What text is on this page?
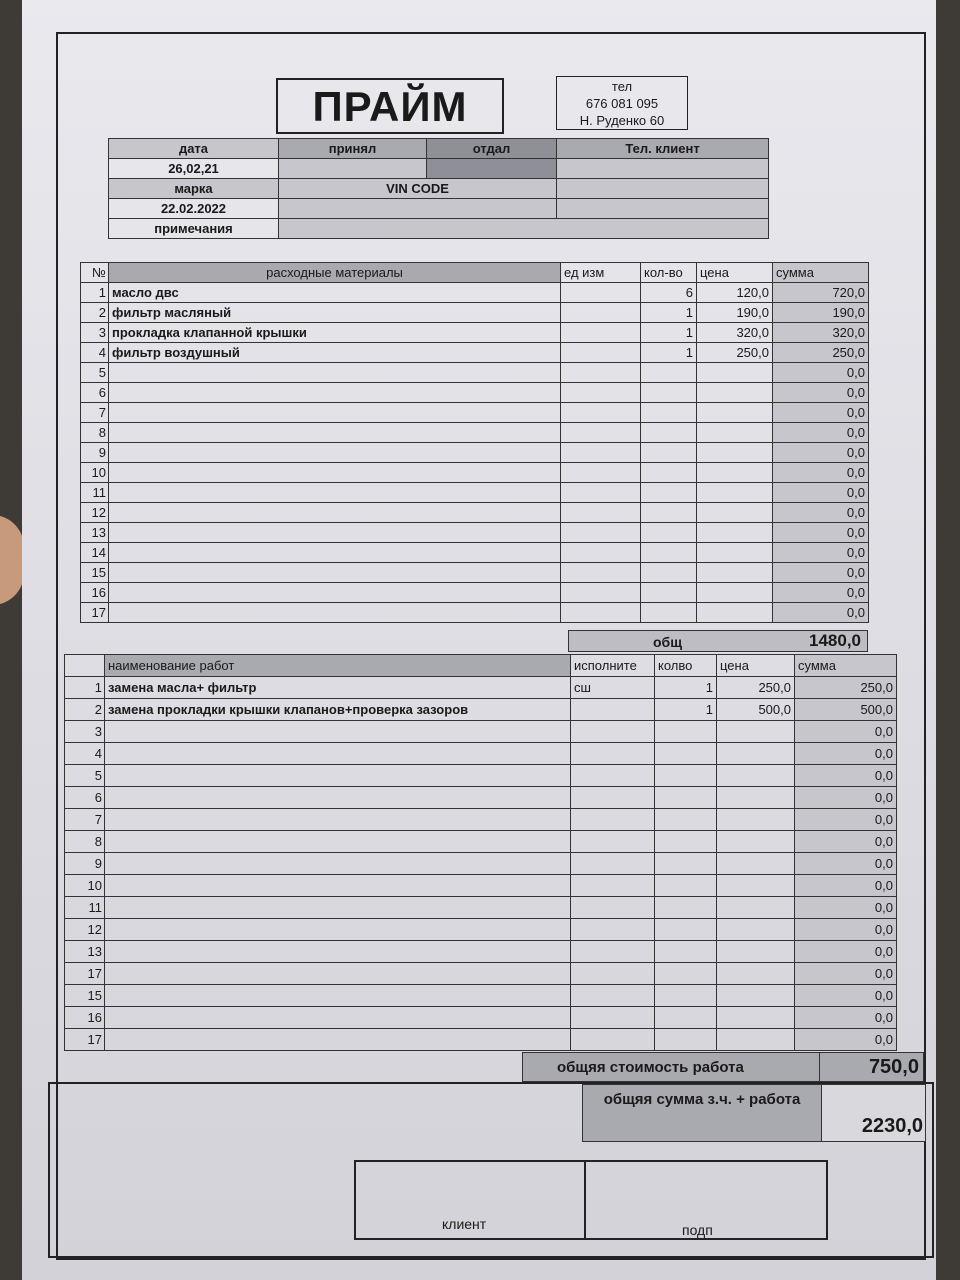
ПРАЙМ	тел
676 081 095
Н. Руденко 60
дата	принял	отдал	Тел. клиент
26,02,21			
марка	VIN CODE		
22.02.2022			
примечания			
№	расходные материалы	ед изм	кол-во	цена	сумма
1	масло двс		6	120,0	720,0
2	фильтр масляный		1	190,0	190,0
3	прокладка клапанной крышки		1	320,0	320,0
4	фильтр воздушный		1	250,0	250,0
5					0,0
6					0,0
7					0,0
8					0,0
9					0,0
10					0,0
11					0,0
12					0,0
13					0,0
14					0,0
15					0,0
16					0,0
17					0,0
общ	1480,0
	наименование работ	исполните	колво	цена	сумма
1	замена масла+ фильтр	сш	1	250,0	250,0
2	замена прокладки крышки клапанов+проверка зазоров		1	500,0	500,0
3					0,0
4					0,0
5					0,0
6					0,0
7					0,0
8					0,0
9					0,0
10					0,0
11					0,0
12					0,0
13					0,0
17					0,0
15					0,0
16					0,0
17					0,0
общяя стоимость работа	750,0
общяя сумма з.ч. + работа
2230,0
клиент	подп
